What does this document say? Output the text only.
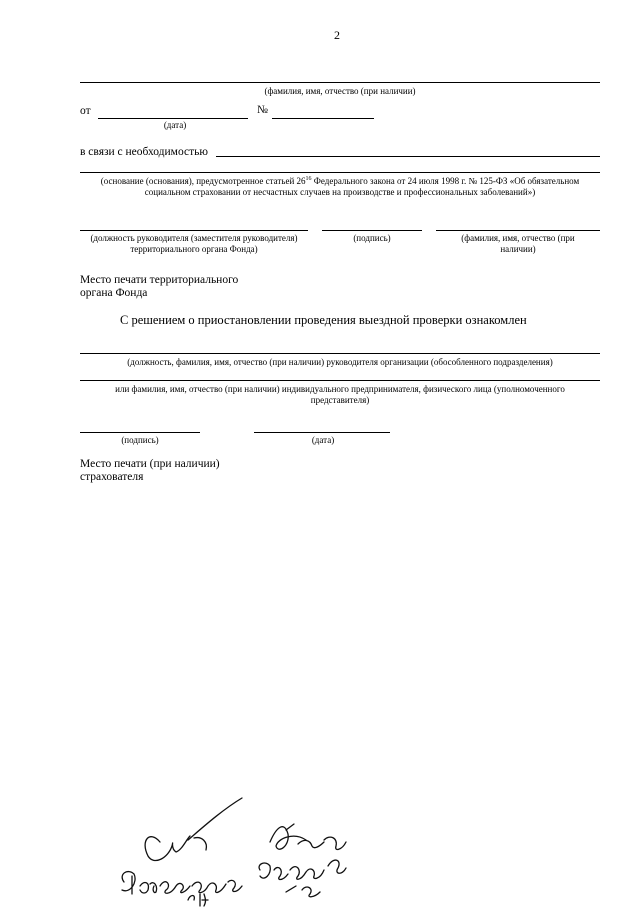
2
(фамилия, имя, отчество (при наличии)
от	№
(дата)
в связи с необходимостью
(основание (основания), предусмотренное статьей $26^{16}$ Федерального закона от 24 июля 1998 г. № 125-ФЗ «Об обязательном
социальном страховании от несчастных случаев на производстве и профессиональных заболеваний»)
(должность руководителя (заместителя руководителя) территориального органа Фонда)
(подпись)	(фамилия, имя, отчество (при наличии)
Место печати территориального органа Фонда
С решением о приостановлении проведения выездной проверки ознакомлен
(должность, фамилия, имя, отчество (при наличии) руководителя организации (обособленного подразделения)
или фамилия, имя, отчество (при наличии) индивидуального предпринимателя, физического лица (уполномоченного представителя)
(подпись)	(дата)
Место печати (при наличии) страхователя
